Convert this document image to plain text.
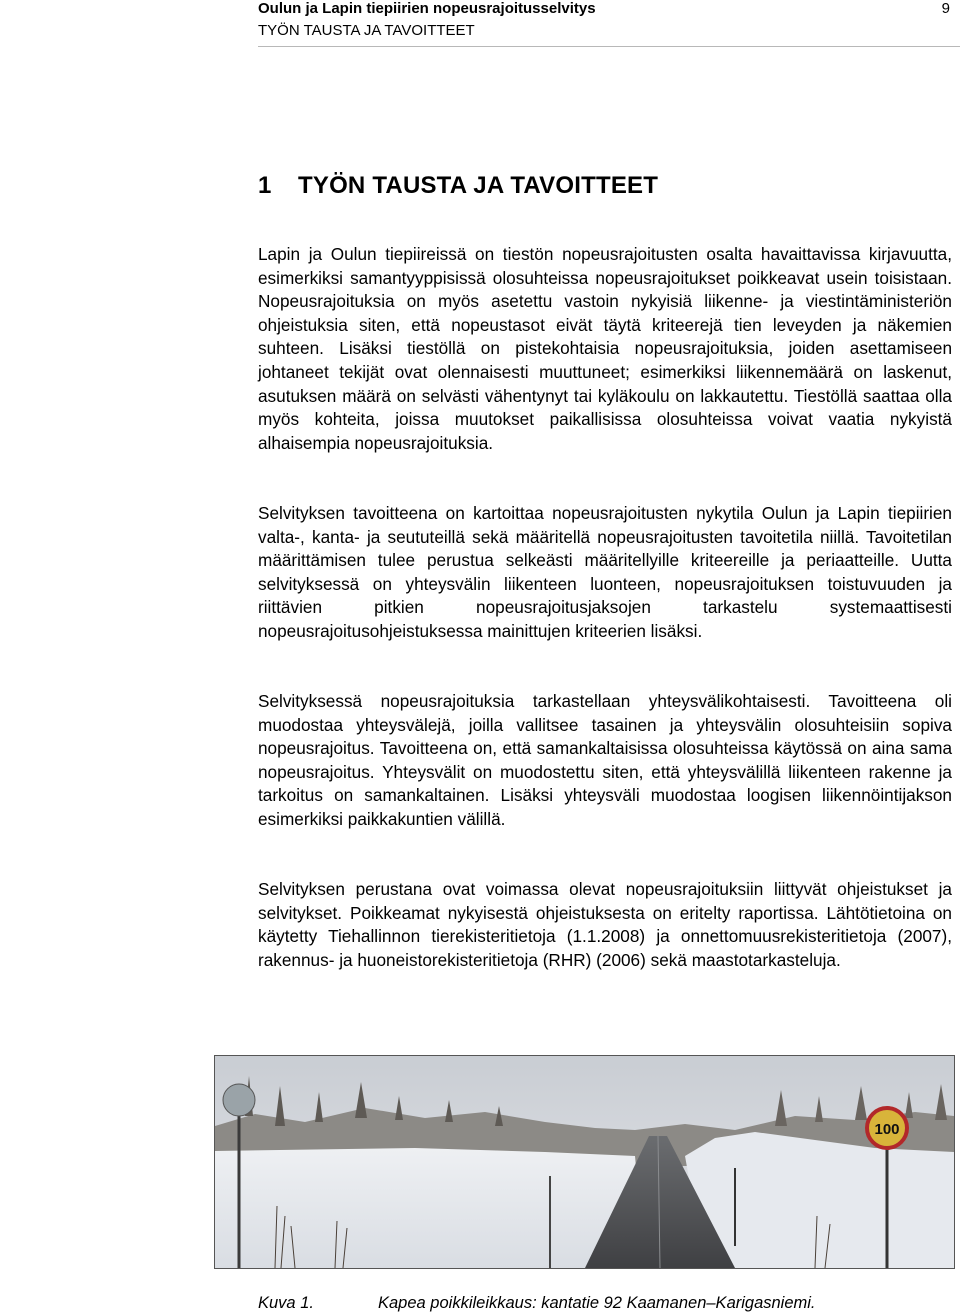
Oulun ja Lapin tiepiirien nopeusrajoitusselvitys
TYÖN TAUSTA JA TAVOITTEET
9
1 TYÖN TAUSTA JA TAVOITTEET

Lapin ja Oulun tiepiireissä on tiestön nopeusrajoitusten osalta havaittavissa kirjavuutta, esimerkiksi samantyyppisissä olosuhteissa nopeusrajoitukset poikkeavat usein toisistaan. Nopeusrajoituksia on myös asetettu vastoin nykyisiä liikenne- ja viestintäministeriön ohjeistuksia siten, että nopeustasot eivät täytä kriteerejä tien leveyden ja näkemien suhteen. Lisäksi tiestöllä on pistekohtaisia nopeusrajoituksia, joiden asettamiseen johtaneet tekijät ovat olennaisesti muuttuneet; esimerkiksi liikennemäärä on laskenut, asutuksen määrä on selvästi vähentynyt tai kyläkoulu on lakkautettu. Tiestöllä saattaa olla myös kohteita, joissa muutokset paikallisissa olosuhteissa voivat vaatia nykyistä alhaisempia nopeusrajoituksia.

Selvityksen tavoitteena on kartoittaa nopeusrajoitusten nykytila Oulun ja Lapin tiepiirien valta-, kanta- ja seututeillä sekä määritellä nopeusrajoitusten tavoitetila niillä. Tavoitetilan määrittämisen tulee perustua selkeästi määritellyille kriteereille ja periaatteille. Uutta selvityksessä on yhteysvälin liikenteen luonteen, nopeusrajoituksen toistuvuuden ja riittävien pitkien nopeusrajoitusjaksojen tarkastelu systemaattisesti nopeusrajoitusohjeistuksessa mainittujen kriteerien lisäksi.

Selvityksessä nopeusrajoituksia tarkastellaan yhteysvälikohtaisesti. Tavoitteena oli muodostaa yhteysvälejä, joilla vallitsee tasainen ja yhteysvälin olosuhteisiin sopiva nopeusrajoitus. Tavoitteena on, että samankaltaisissa olosuhteissa käytössä on aina sama nopeusrajoitus. Yhteysvälit on muodostettu siten, että yhteysvälillä liikenteen rakenne ja tarkoitus on samankaltainen. Lisäksi yhteysväli muodostaa loogisen liikennöintijakson esimerkiksi paikkakuntien välillä.

Selvityksen perustana ovat voimassa olevat nopeusrajoituksiin liittyvät ohjeistukset ja selvitykset. Poikkeamat nykyisestä ohjeistuksesta on eritelty raportissa. Lähtötietoina on käytetty Tiehallinnon tierekisteritietoja (1.1.2008) ja onnettomuusrekisteritietoja (2007), rakennus- ja huoneistorekisteritietoja (RHR) (2006) sekä maastotarkasteluja.

100
Kuva 1.	Kapea poikkileikkaus: kantatie 92 Kaamanen–Karigasniemi.
